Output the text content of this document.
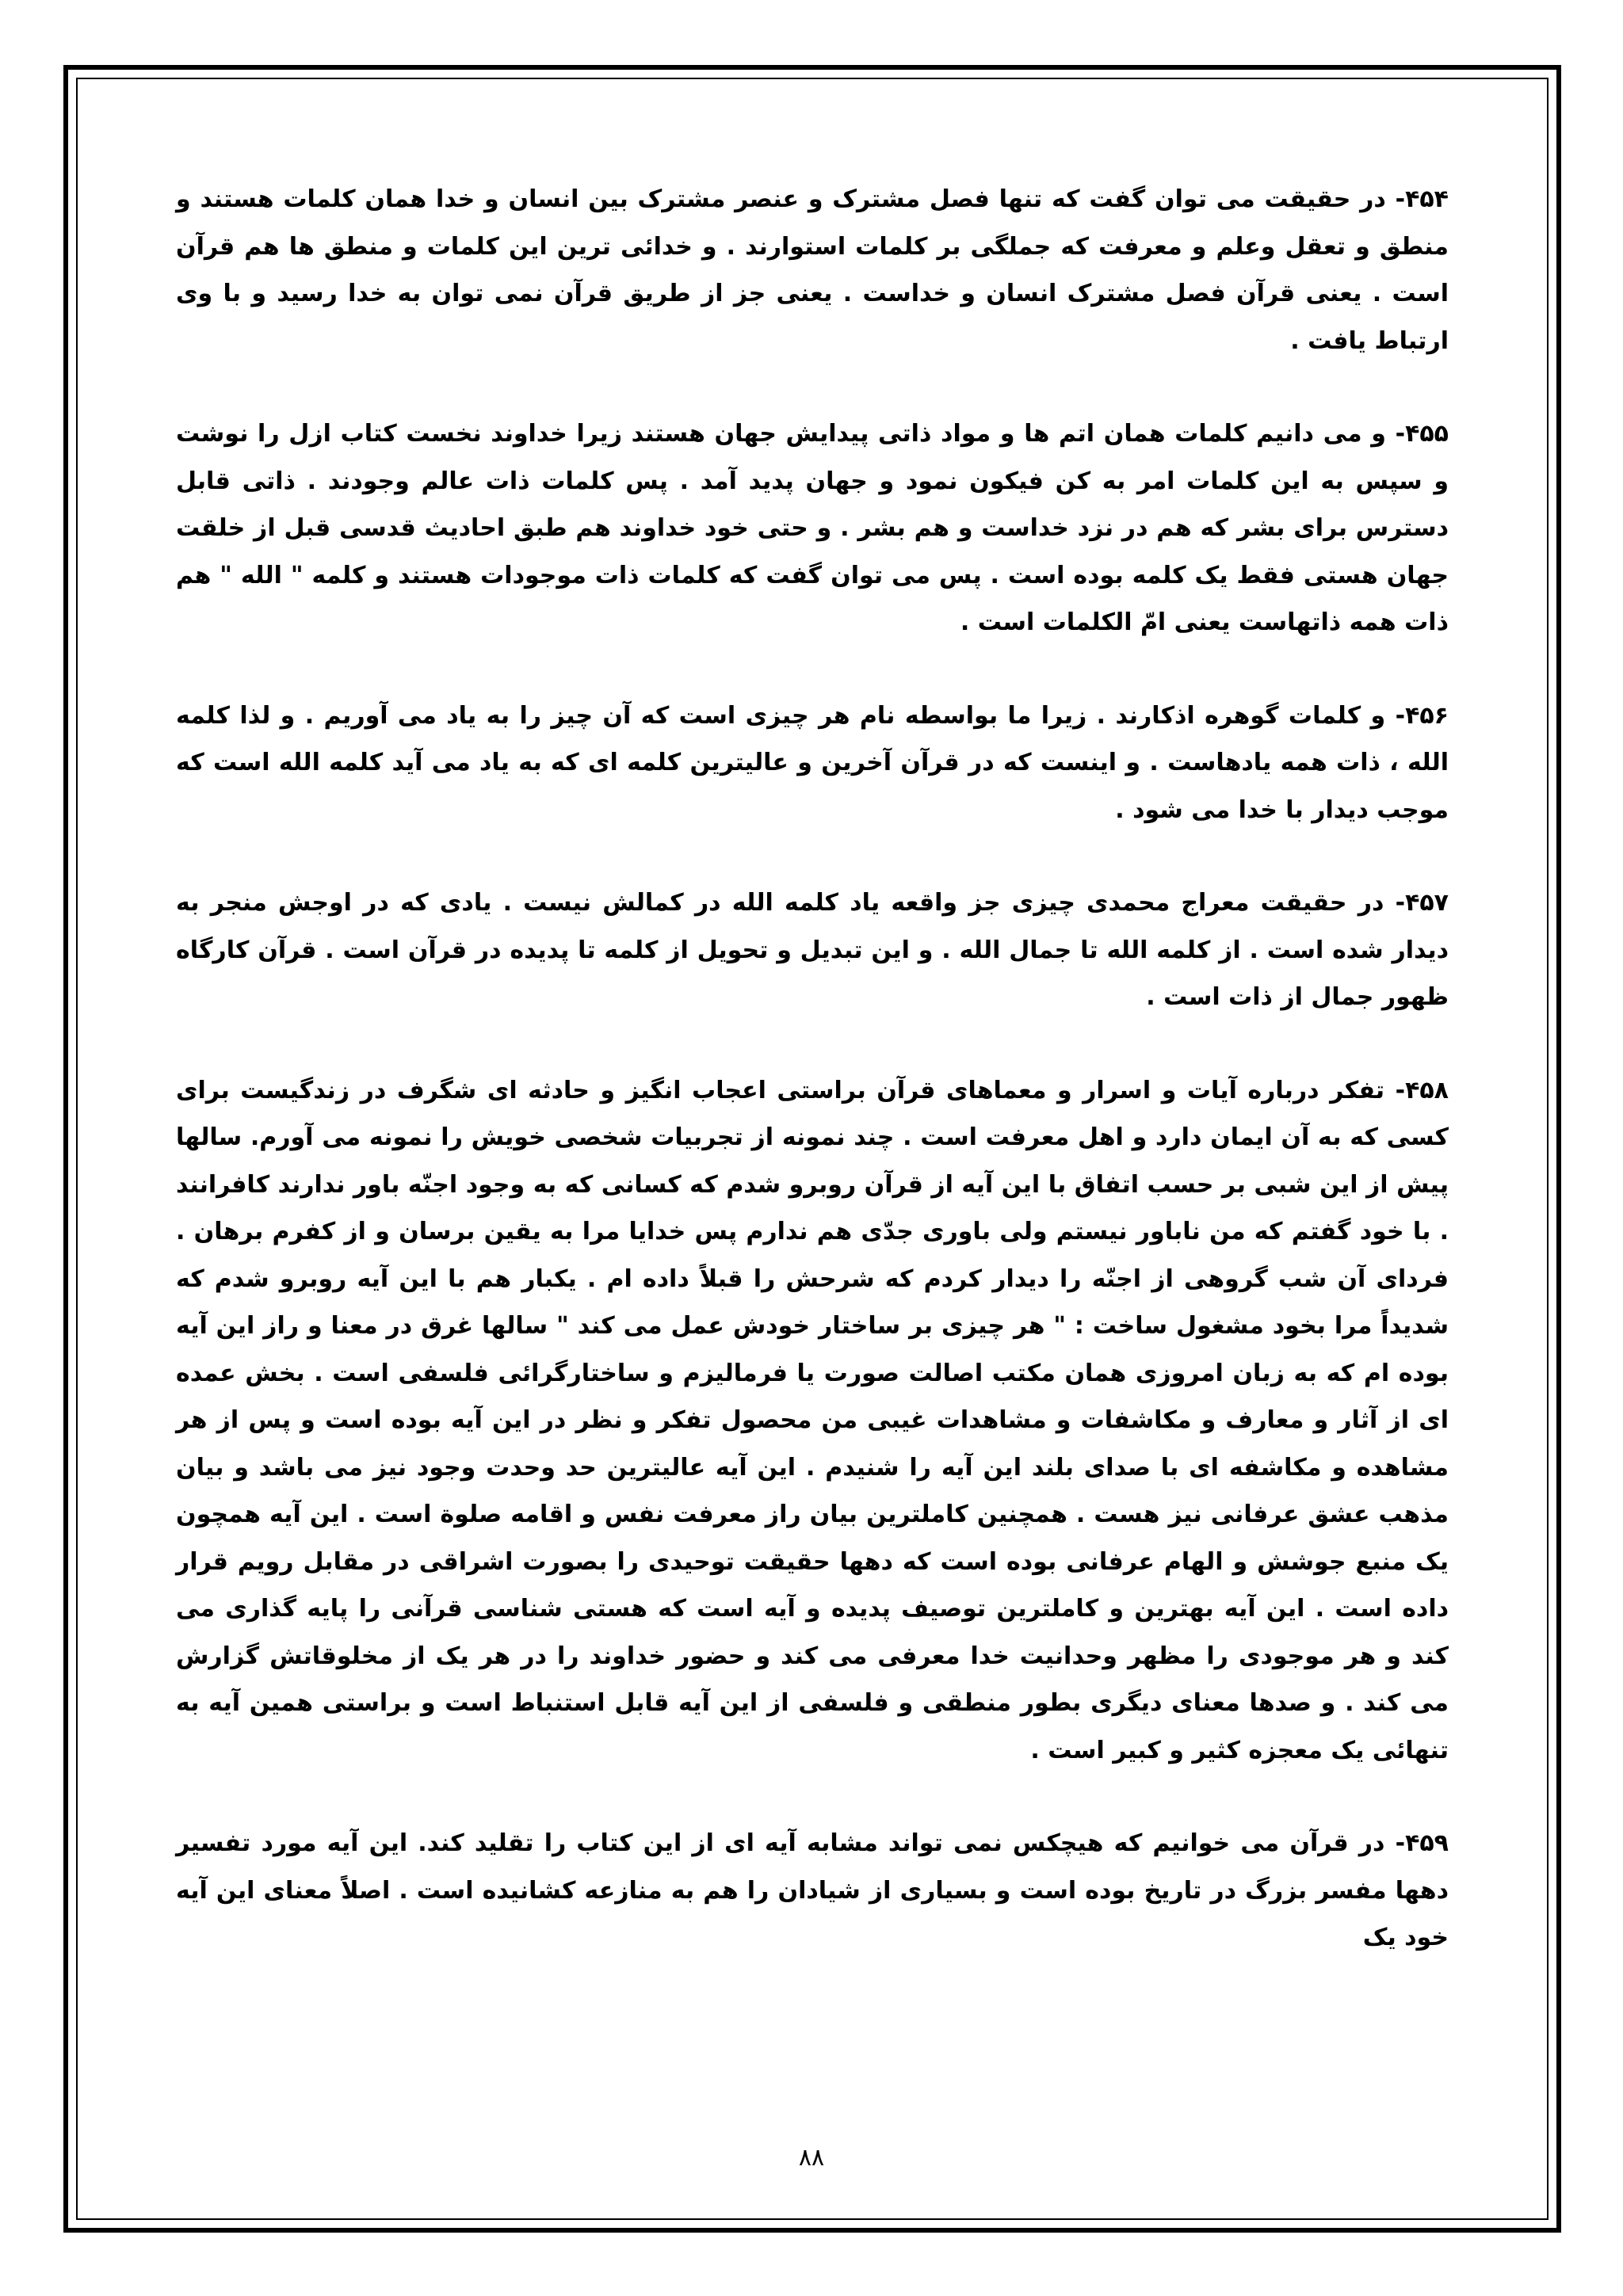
۴۵۴- در حقیقت می توان گفت که تنها فصل مشترک و عنصر مشترک بین انسان و خدا همان کلمات هستند و منطق و تعقل وعلم و معرفت که جملگی بر کلمات استوارند . و خدائی ترین این کلمات و منطق ها هم قرآن است . یعنی قرآن فصل مشترک انسان و خداست . یعنی جز از طریق قرآن نمی توان به خدا رسید و با وی ارتباط یافت .

۴۵۵- و می دانیم کلمات همان اتم ها و مواد ذاتی پیدایش جهان هستند زیرا خداوند نخست کتاب ازل را نوشت و سپس به این کلمات امر به کن فیکون نمود و جهان پدید آمد . پس کلمات ذات عالم وجودند . ذاتی قابل دسترس برای بشر که هم در نزد خداست و هم بشر . و حتی خود خداوند هم طبق احادیث قدسی قبل از خلقت جهان هستی فقط یک کلمه بوده است . پس می توان گفت که کلمات ذات موجودات هستند و کلمه " الله " هم ذات همه ذاتهاست یعنی امّ الکلمات است .

۴۵۶- و کلمات گوهره اذکارند . زیرا ما بواسطه نام هر چیزی است که آن چیز را به یاد می آوریم . و لذا کلمه الله ، ذات همه یادهاست . و اینست که در قرآن آخرین و عالیترین کلمه ای که به یاد می آید کلمه الله است که موجب دیدار با خدا می شود .

۴۵۷- در حقیقت معراج محمدی چیزی جز واقعه یاد کلمه الله در کمالش نیست . یادی که در اوجش منجر به دیدار شده است . از کلمه الله تا جمال الله . و این تبدیل و تحویل از کلمه تا پدیده در قرآن است . قرآن کارگاه ظهور جمال از ذات است .

۴۵۸- تفکر درباره آیات و اسرار و معماهای قرآن براستی اعجاب انگیز و حادثه ای شگرف در زندگیست برای کسی که به آن ایمان دارد و اهل معرفت است . چند نمونه از تجربیات شخصی خویش را نمونه می آورم. سالها پیش از این شبی بر حسب اتفاق با این آیه از قرآن روبرو شدم که کسانی که به وجود اجنّه باور ندارند کافرانند . با خود گفتم که من ناباور نیستم ولی باوری جدّی هم ندارم پس خدایا مرا به یقین برسان و از کفرم برهان . فردای آن شب گروهی از اجنّه را دیدار کردم که شرحش را قبلاً داده ام . یکبار هم با این آیه روبرو شدم که شدیداً مرا بخود مشغول ساخت : " هر چیزی بر ساختار خودش عمل می کند " سالها غرق در معنا و راز این آیه بوده ام که به زبان امروزی همان مکتب اصالت صورت یا فرمالیزم و ساختارگرائی فلسفی است . بخش عمده ای از آثار و معارف و مکاشفات و مشاهدات غیبی من محصول تفکر و نظر در این آیه بوده است و پس از هر مشاهده و مکاشفه ای با صدای بلند این آیه را شنیدم . این آیه عالیترین حد وحدت وجود نیز می باشد و بیان مذهب عشق عرفانی نیز هست . همچنین کاملترین بیان راز معرفت نفس و اقامه صلوة است . این آیه همچون یک منبع جوشش و الهام عرفانی بوده است که دهها حقیقت توحیدی را بصورت اشراقی در مقابل رویم قرار داده است . این آیه بهترین و کاملترین توصیف پدیده و آیه است که هستی شناسی قرآنی را پایه گذاری می کند و هر موجودی را مظهر وحدانیت خدا معرفی می کند و حضور خداوند را در هر یک از مخلوقاتش گزارش می کند . و صدها معنای دیگری بطور منطقی و فلسفی از این آیه قابل استنباط است و براستی همین آیه به تنهائی یک معجزه کثیر و کبیر است .

۴۵۹- در قرآن می خوانیم که هیچکس نمی تواند مشابه آیه ای از این کتاب را تقلید کند. این آیه مورد تفسیر دهها مفسر بزرگ در تاریخ بوده است و بسیاری از شیادان را هم به منازعه کشانیده است . اصلاً معنای این آیه خود یک

۸۸
